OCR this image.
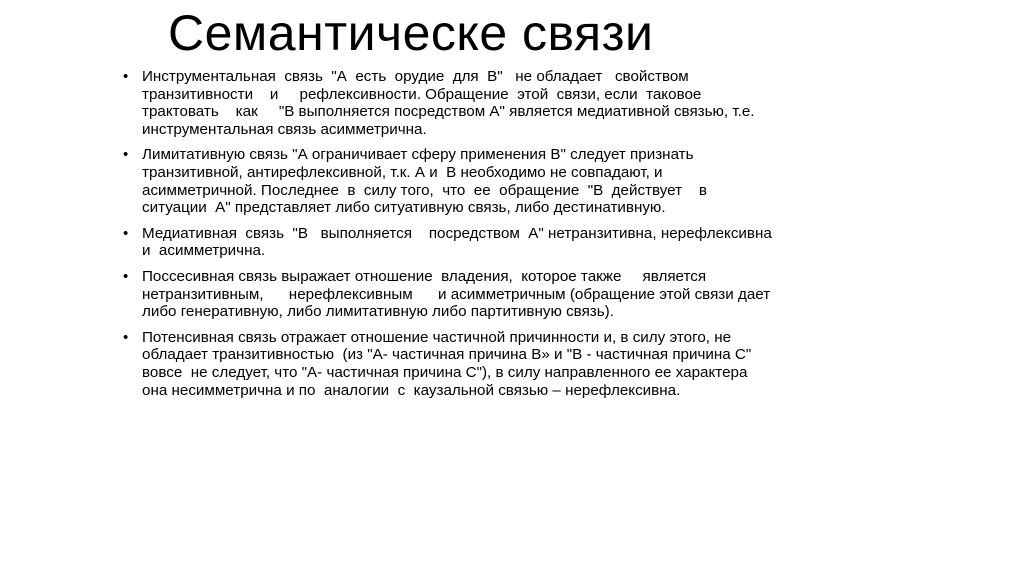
Семантическе связи
• Инструментальная  связь  "А  есть  орудие  для  В"   не обладает   свойством
транзитивности    и     рефлексивности. Обращение  этой  связи, если  таковое
трактовать    как     "В выполняется посредством А" является медиативной связью, т.е.
инструментальная связь асимметрична.
• Лимитативную связь "А ограничивает сферу применения В" следует признать
транзитивной, антирефлексивной, т.к. А и  В необходимо не совпадают, и
асимметричной. Последнее  в  силу того,  что  ее  обращение  "В  действует    в
ситуации  А" представляет либо ситуативную связь, либо дестинативную.
• Медиативная  связь  "В   выполняется    посредством  А" нетранзитивна, нерефлексивна
и  асимметрична.
• Поссесивная связь выражает отношение  владения,  которое также     является
нетранзитивным,      нерефлексивным      и асимметричным (обращение этой связи дает
либо генеративную, либо лимитативную либо партитивную связь).
• Потенсивная связь отражает отношение частичной причинности и, в силу этого, не
обладает транзитивностью  (из "А- частичная причина В» и "В - частичная причина С"
вовсе  не следует, что "А- частичная причина С"), в силу направленного ее характера
она несимметрична и по  аналогии  с  каузальной связью – нерефлексивна.
